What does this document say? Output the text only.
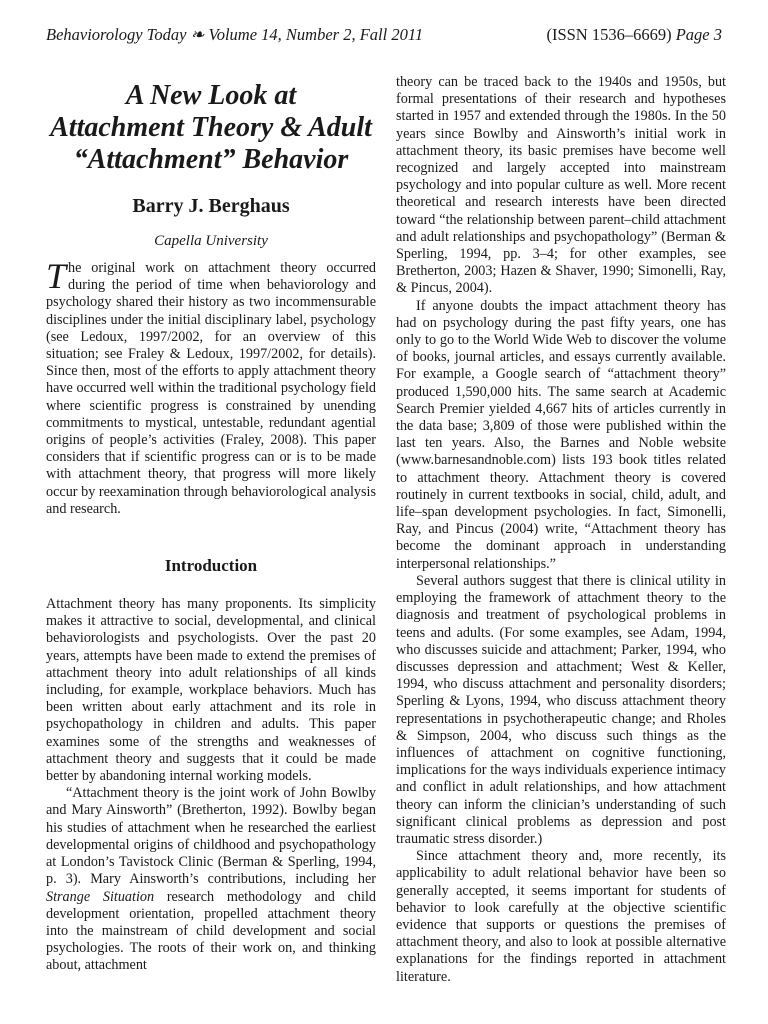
Behaviorology Today ❧ Volume 14, Number 2, Fall 2011	(ISSN 1536–6669) Page 3
A New Look at
Attachment Theory & Adult
“Attachment” Behavior
Barry J. Berghaus
Capella University

The original work on attachment theory occurred during the period of time when behaviorology and psychology shared their history as two incommensurable disciplines under the initial disciplinary label, psychology (see Ledoux, 1997/2002, for an overview of this situation; see Fraley & Ledoux, 1997/2002, for details). Since then, most of the efforts to apply attachment theory have occurred well within the traditional psychology field where scientific progress is constrained by unending commitments to mystical, untestable, redundant agential origins of people’s activities (Fraley, 2008). This paper considers that if scientific progress can or is to be made with attachment theory, that progress will more likely occur by reexamination through behaviorological analysis and research.

Introduction

Attachment theory has many proponents. Its simplicity makes it attractive to social, developmental, and clinical behaviorologists and psychologists. Over the past 20 years, attempts have been made to extend the premises of attachment theory into adult relationships of all kinds including, for example, workplace behaviors. Much has been written about early attachment and its role in psychopathology in children and adults. This paper examines some of the strengths and weaknesses of attachment theory and suggests that it could be made better by abandoning internal working models.

“Attachment theory is the joint work of John Bowlby and Mary Ainsworth” (Bretherton, 1992). Bowlby began his studies of attachment when he researched the earliest developmental origins of childhood and psychopathology at London’s Tavistock Clinic (Berman & Sperling, 1994, p. 3). Mary Ainsworth’s contributions, including her Strange Situation research methodology and child development orientation, propelled attachment theory into the mainstream of child development and social psychologies. The roots of their work on, and thinking about, attachment

theory can be traced back to the 1940s and 1950s, but formal presentations of their research and hypotheses started in 1957 and extended through the 1980s. In the 50 years since Bowlby and Ainsworth’s initial work in attachment theory, its basic premises have become well recognized and largely accepted into mainstream psychology and into popular culture as well. More recent theoretical and research interests have been directed toward “the relationship between parent–child attachment and adult relationships and psychopathology” (Berman & Sperling, 1994, pp. 3–4; for other examples, see Bretherton, 2003; Hazen & Shaver, 1990; Simonelli, Ray, & Pincus, 2004).

If anyone doubts the impact attachment theory has had on psychology during the past fifty years, one has only to go to the World Wide Web to discover the volume of books, journal articles, and essays currently available. For example, a Google search of “attachment theory” produced 1,590,000 hits. The same search at Academic Search Premier yielded 4,667 hits of articles currently in the data base; 3,809 of those were published within the last ten years. Also, the Barnes and Noble website (www.barnesandnoble.com) lists 193 book titles related to attachment theory. Attachment theory is covered routinely in current textbooks in social, child, adult, and life–span development psychologies. In fact, Simonelli, Ray, and Pincus (2004) write, “Attachment theory has become the dominant approach in understanding interpersonal relationships.”

Several authors suggest that there is clinical utility in employing the framework of attachment theory to the diagnosis and treatment of psychological problems in teens and adults. (For some examples, see Adam, 1994, who discusses suicide and attachment; Parker, 1994, who discusses depression and attachment; West & Keller, 1994, who discuss attachment and personality disorders; Sperling & Lyons, 1994, who discuss attachment theory representations in psychotherapeutic change; and Rholes & Simpson, 2004, who discuss such things as the influences of attachment on cognitive functioning, implications for the ways individuals experience intimacy and conflict in adult relationships, and how attachment theory can inform the clinician’s understanding of such significant clinical problems as depression and post traumatic stress disorder.)

Since attachment theory and, more recently, its applicability to adult relational behavior have been so generally accepted, it seems important for students of behavior to look carefully at the objective scientific evidence that supports or questions the premises of attachment theory, and also to look at possible alternative explanations for the findings reported in attachment literature.
